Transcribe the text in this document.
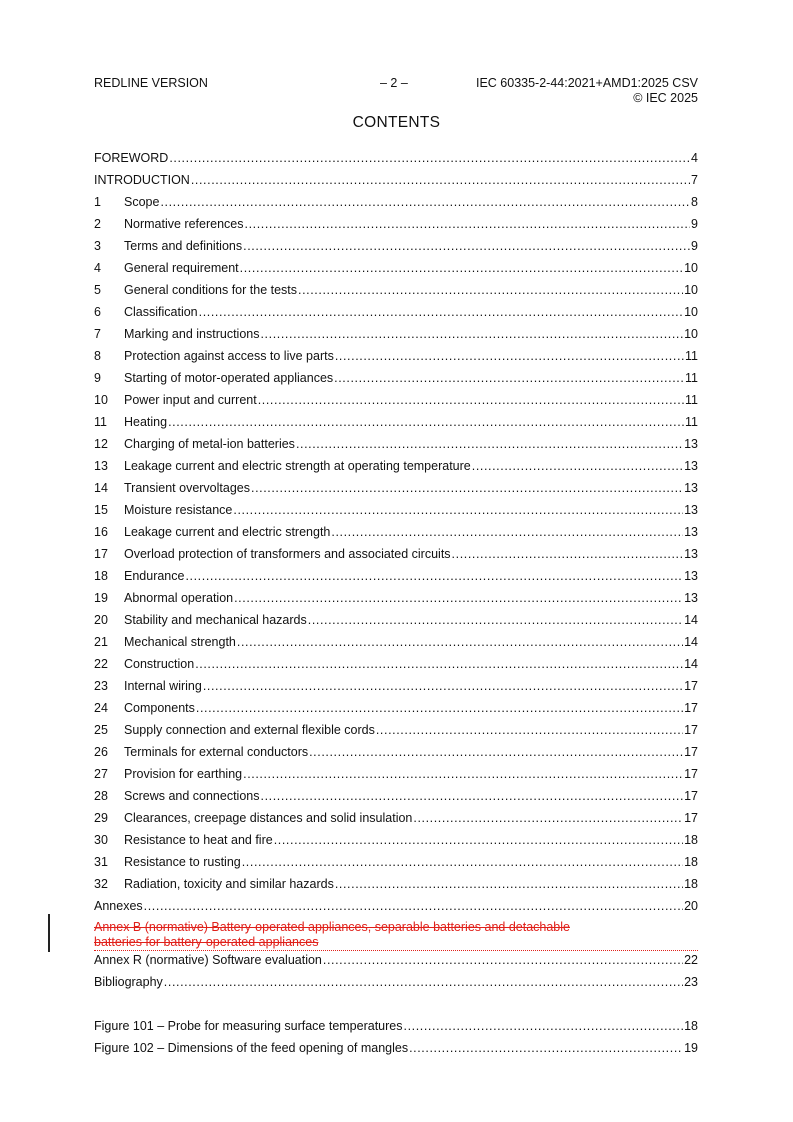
REDLINE VERSION	– 2 –	IEC 60335-2-44:2021+AMD1:2025 CSV
© IEC 2025
CONTENTS
FOREWORD .....	4
INTRODUCTION .....	7
1	Scope .....	8
2	Normative references .....	9
3	Terms and definitions .....	9
4	General requirement .....	10
5	General conditions for the tests .....	10
6	Classification .....	10
7	Marking and instructions .....	10
8	Protection against access to live parts .....	11
9	Starting of motor-operated appliances .....	11
10	Power input and current .....	11
11	Heating .....	11
12	Charging of metal-ion batteries .....	13
13	Leakage current and electric strength at operating temperature .....	13
14	Transient overvoltages .....	13
15	Moisture resistance .....	13
16	Leakage current and electric strength .....	13
17	Overload protection of transformers and associated circuits .....	13
18	Endurance .....	13
19	Abnormal operation .....	13
20	Stability and mechanical hazards .....	14
21	Mechanical strength .....	14
22	Construction .....	14
23	Internal wiring .....	17
24	Components .....	17
25	Supply connection and external flexible cords .....	17
26	Terminals for external conductors .....	17
27	Provision for earthing .....	17
28	Screws and connections .....	17
29	Clearances, creepage distances and solid insulation .....	17
30	Resistance to heat and fire .....	18
31	Resistance to rusting .....	18
32	Radiation, toxicity and similar hazards .....	18
Annexes .....	20
Annex B (normative) Battery-operated appliances, separable batteries and detachable
batteries for battery-operated appliances
Annex R (normative) Software evaluation .....	22
Bibliography .....	23
Figure 101 – Probe for measuring surface temperatures .....	18
Figure 102 – Dimensions of the feed opening of mangles .....	19
